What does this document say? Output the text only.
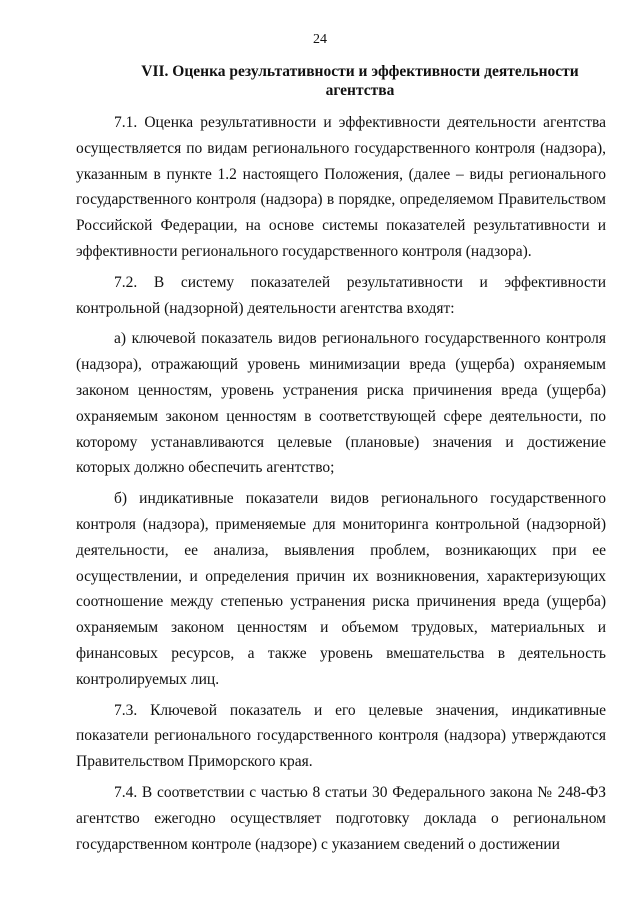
24
VII. Оценка результативности и эффективности деятельности агентства

7.1. Оценка результативности и эффективности деятельности агентства осуществляется по видам регионального государственного контроля (надзора), указанным в пункте 1.2 настоящего Положения, (далее – виды регионального государственного контроля (надзора) в порядке, определяемом Правительством Российской Федерации, на основе системы показателей результативности и эффективности регионального государственного контроля (надзора).

7.2. В систему показателей результативности и эффективности контрольной (надзорной) деятельности агентства входят:

а) ключевой показатель видов регионального государственного контроля (надзора), отражающий уровень минимизации вреда (ущерба) охраняемым законом ценностям, уровень устранения риска причинения вреда (ущерба) охраняемым законом ценностям в соответствующей сфере деятельности, по которому устанавливаются целевые (плановые) значения и достижение которых должно обеспечить агентство;

б) индикативные показатели видов регионального государственного контроля (надзора), применяемые для мониторинга контрольной (надзорной) деятельности, ее анализа, выявления проблем, возникающих при ее осуществлении, и определения причин их возникновения, характеризующих соотношение между степенью устранения риска причинения вреда (ущерба) охраняемым законом ценностям и объемом трудовых, материальных и финансовых ресурсов, а также уровень вмешательства в деятельность контролируемых лиц.

7.3. Ключевой показатель и его целевые значения, индикативные показатели регионального государственного контроля (надзора) утверждаются Правительством Приморского края.

7.4. В соответствии с частью 8 статьи 30 Федерального закона № 248-ФЗ агентство ежегодно осуществляет подготовку доклада о региональном государственном контроле (надзоре) с указанием сведений о достижении
